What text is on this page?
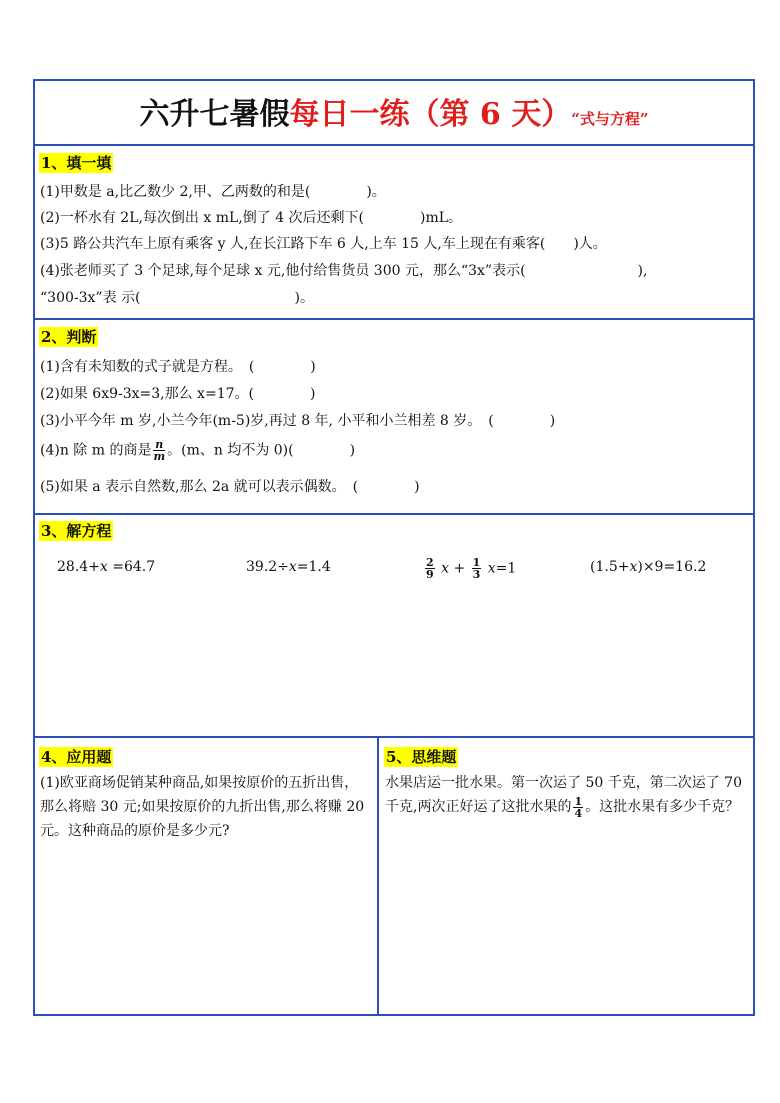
六升七暑假每日一练（第 6 天）“式与方程”
1、填一填
(1)甲数是 a,比乙数少 2,甲、乙两数的和是(　　　　)。
(2)一杯水有 2L,每次倒出 x mL,倒了 4 次后还剩下(　　　　)mL。
(3)5 路公共汽车上原有乘客 y 人,在长江路下车 6 人,上车 15 人,车上现在有乘客(　　)人。
(4)张老师买了 3 个足球,每个足球 x 元,他付给售货员 300 元，那么“3x”表示(　　　　　　　　),
“300-3x”表 示(　　　　　　　　　　　)。
2、判断
(1)含有未知数的式子就是方程。　(　　　　)
(2)如果 6x9-3x=3,那么 x=17。(　　　　)
(3)小平今年 m 岁,小兰今年(m-5)岁,再过 8 年, 小平和小兰相差 8 岁。　(　　　　)
(4)n 除 m 的商是 $\frac{n}{m}$ 。(m、n 均不为 0)(　　　　)
(5)如果 a 表示自然数,那么 2a 就可以表示偶数。　(　　　　)
3、解方程
28.4+𝑥 =64.7	39.2÷𝑥=1.4	$\frac{2}{9}$ 𝑥 + $\frac{1}{3}$ 𝑥=1	(1.5+𝑥)×9=16.2
4、应用题
(1)欧亚商场促销某种商品,如果按原价的五折出售，那么将赔 30 元;如果按原价的九折出售,那么将赚 20 元。这种商品的原价是多少元?
5、思维题
水果店运一批水果。第一次运了 50 千克，第二次运了 70 千克,两次正好运了这批水果的 $\frac{1}{4}$ 。这批水果有多少千克？
